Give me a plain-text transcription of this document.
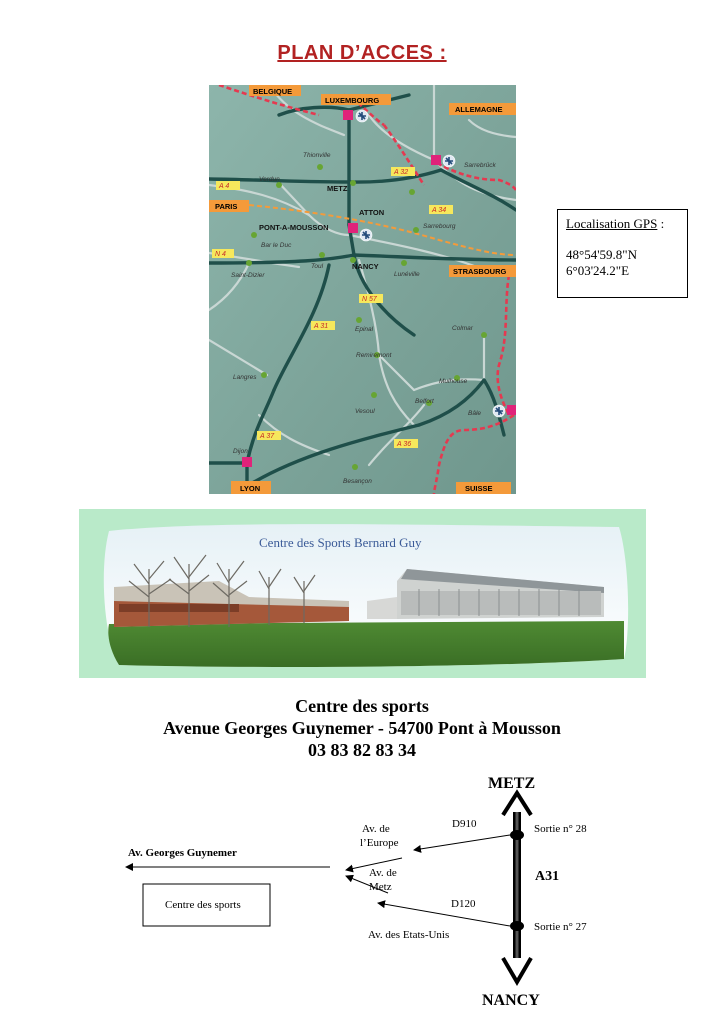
PLAN D’ACCES :
BELGIQUE
LUXEMBOURG
ALLEMAGNE
PARIS
STRASBOURG
LYON	SUISSE
METZ
ATTON
PONT-A-MOUSSON
NANCY
Thionville
Verdun
Sarrebrück
Sarrebourg
Bar le Duc
Toul
Lunéville
Saint-Dizier
Epinal	Colmar
Remiremont
Langres
Mulhouse
Vesoul
Belfort
Bâle
Dijon
Besançon
A 4
A 32
A 34
N 4
N 57
A 31
A 36
A 37
Localisation GPS :
48°54'59.8"N
6°03'24.2"E
Centre des Sports Bernard Guy
Centre des sports
Avenue Georges Guynemer - 54700 Pont à Mousson
03 83 82 83 34
METZ
NANCY
A31
Sortie n° 28
Sortie n° 27
D910
D120
Av. de
l’Europe
Av. de
Metz
Av. des Etats-Unis
Av. Georges Guynemer
Centre des sports
